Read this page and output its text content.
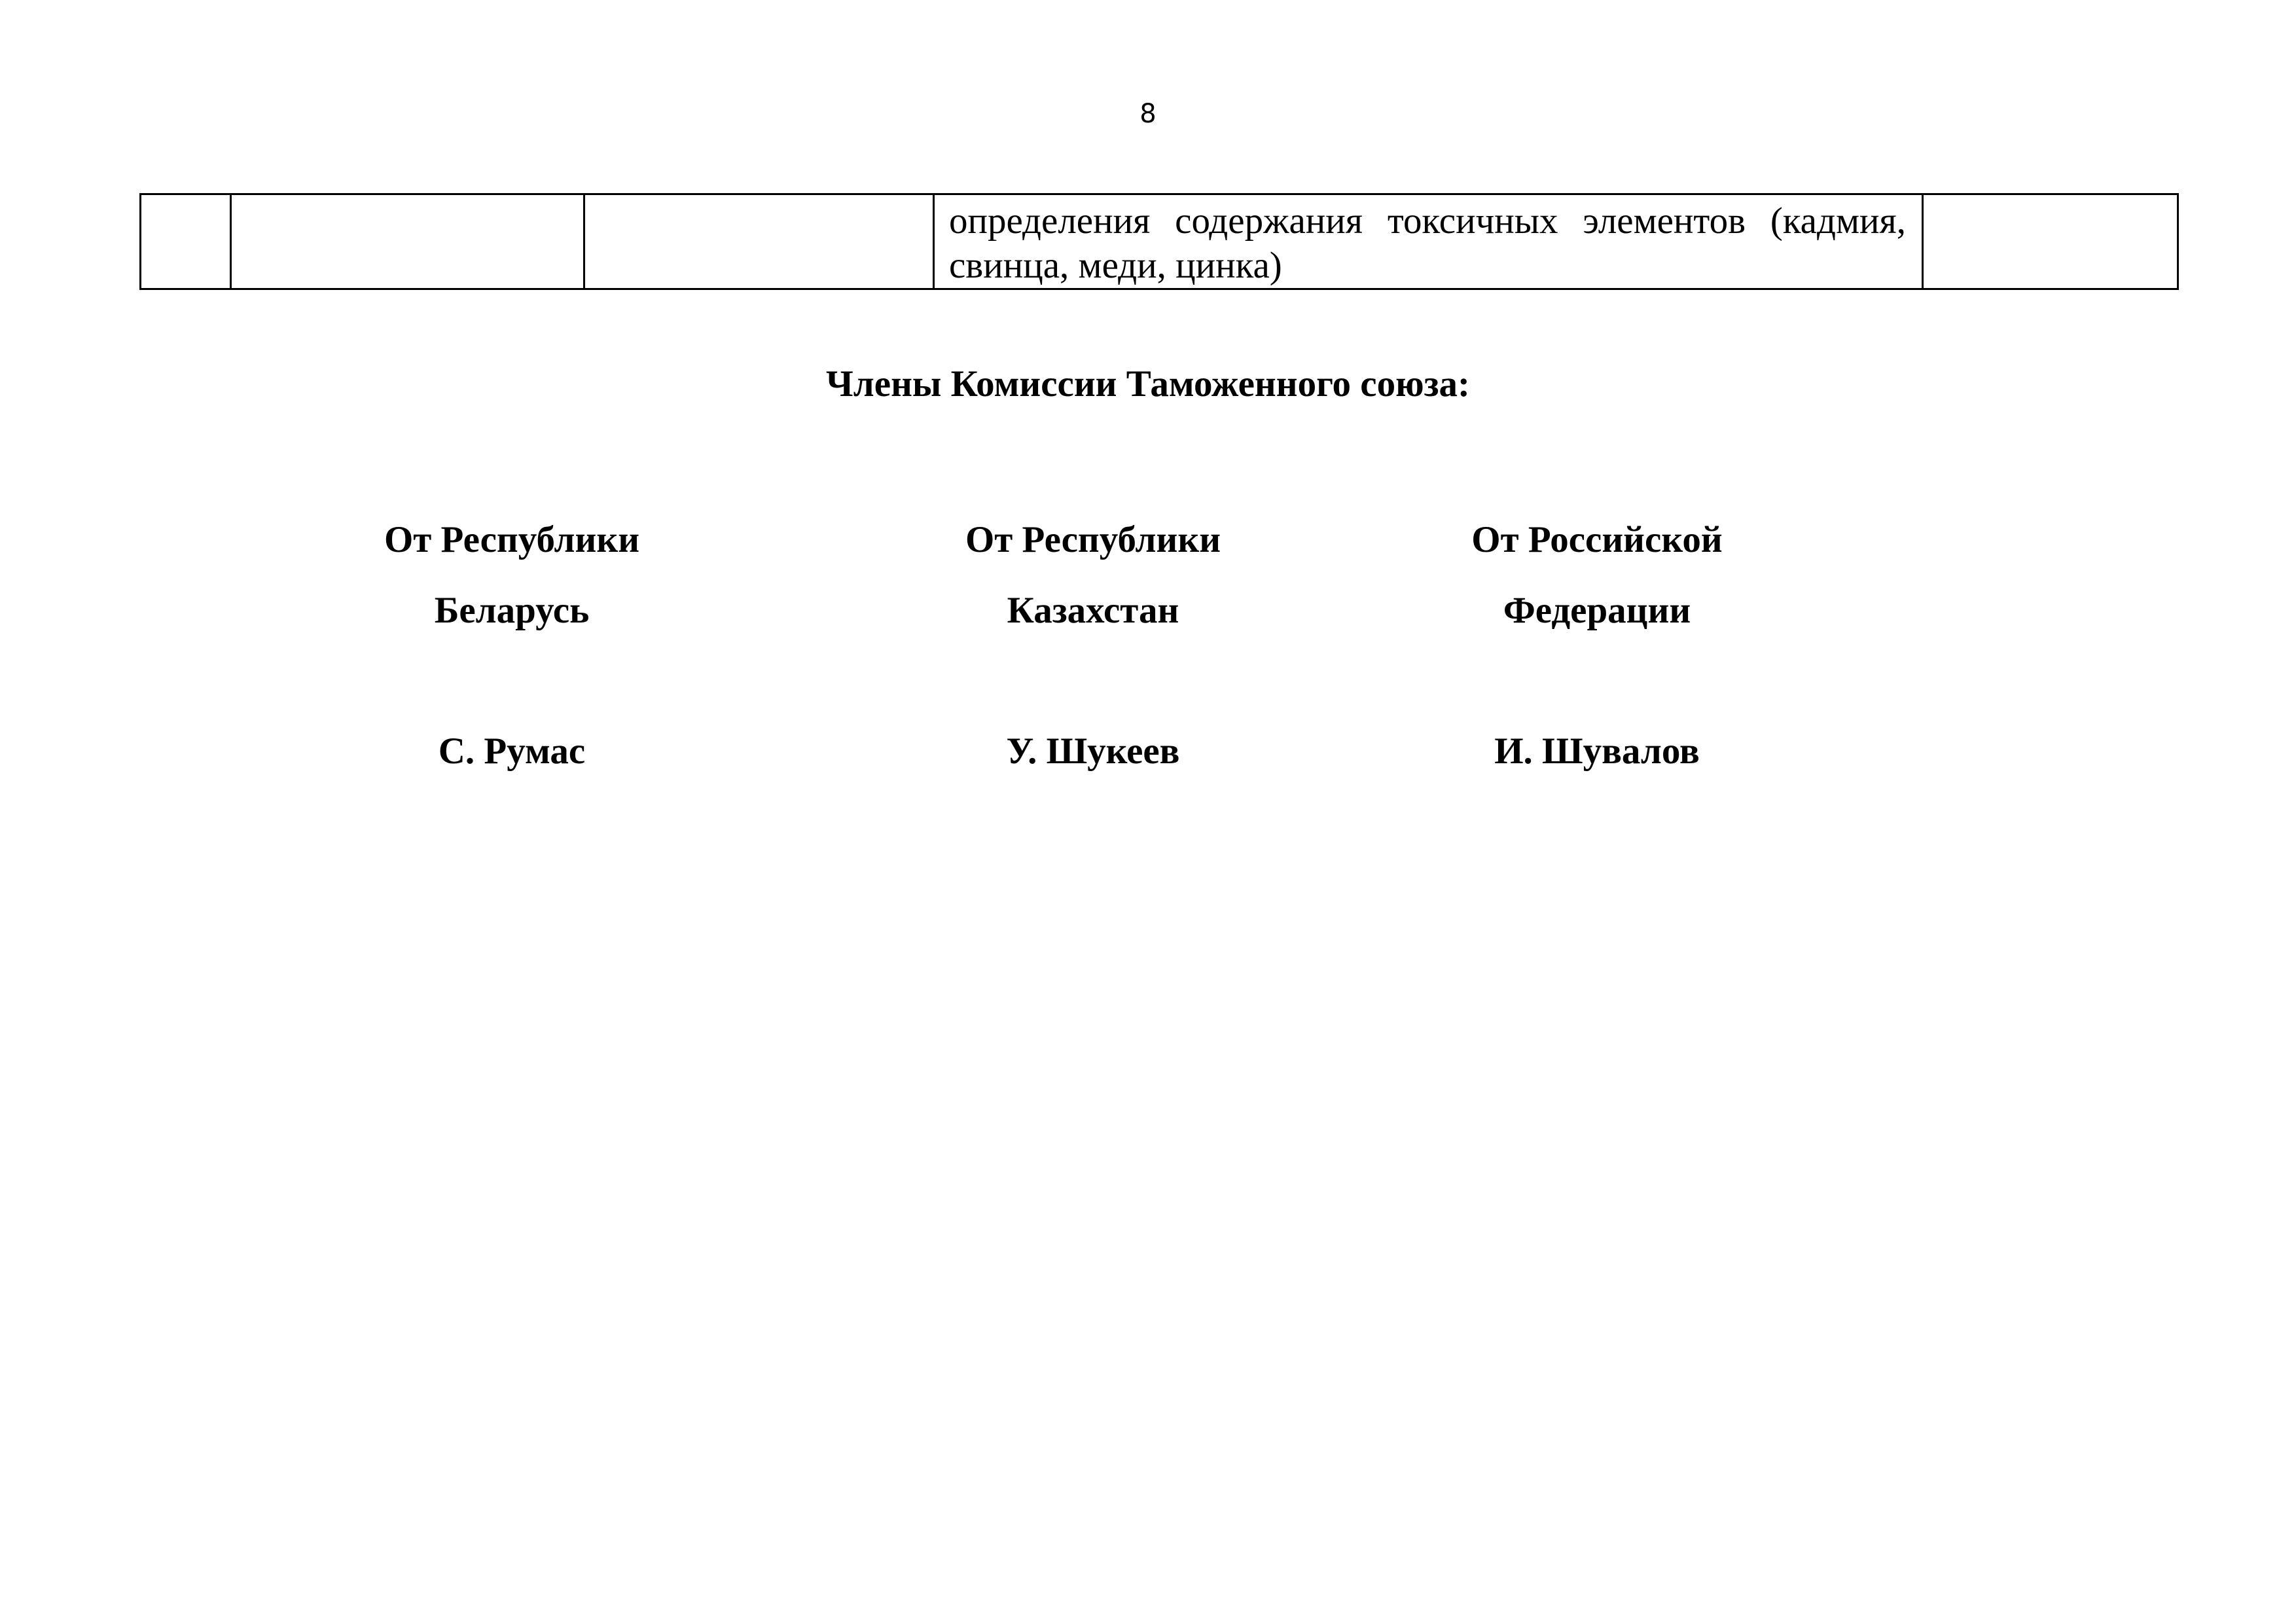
8

определения содержания токсичных элементов (кадмия, свинца, меди, цинка)

Члены Комиссии Таможенного союза:
От Республики
Беларусь
С. Румас
От Республики
Казахстан
У. Шукеев
От Российской
Федерации
И. Шувалов
